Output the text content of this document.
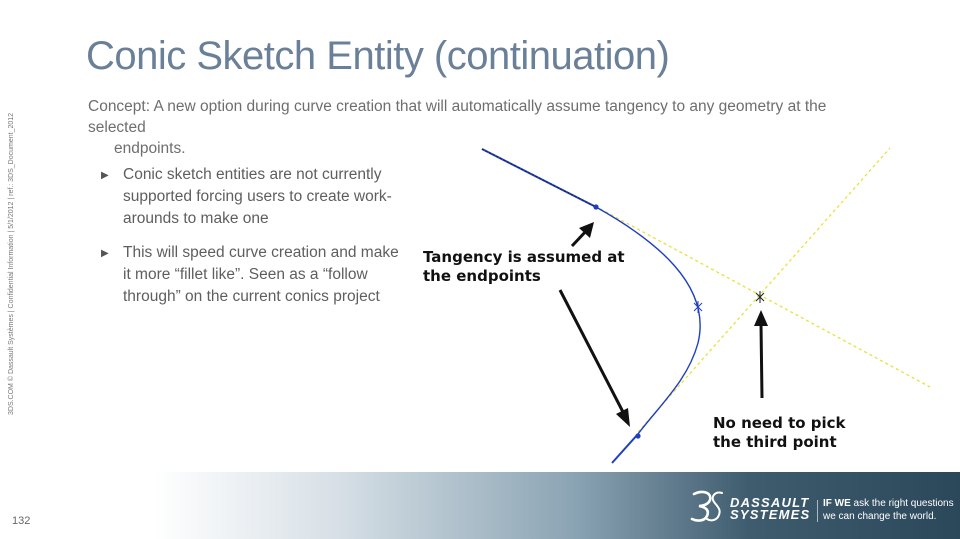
Conic Sketch Entity (continuation)
Concept: A new option during curve creation that will automatically assume tangency to any geometry at the selected
endpoints.
▶ Conic sketch entities are not currently supported forcing users to create work-arounds to make one
▶ This will speed curve creation and make it more “fillet like”. Seen as a “follow through” on the current conics project
3DS.COM © Dassault Systèmes | Confidential Information | 5/1/2012 | ref.: 3DS_Document_2012	Tangency is assumed at
the endpoints
No need to pick
the third point
132
DASSAULT
SYSTEMES
IF WE ask the right questions
we can change the world.
